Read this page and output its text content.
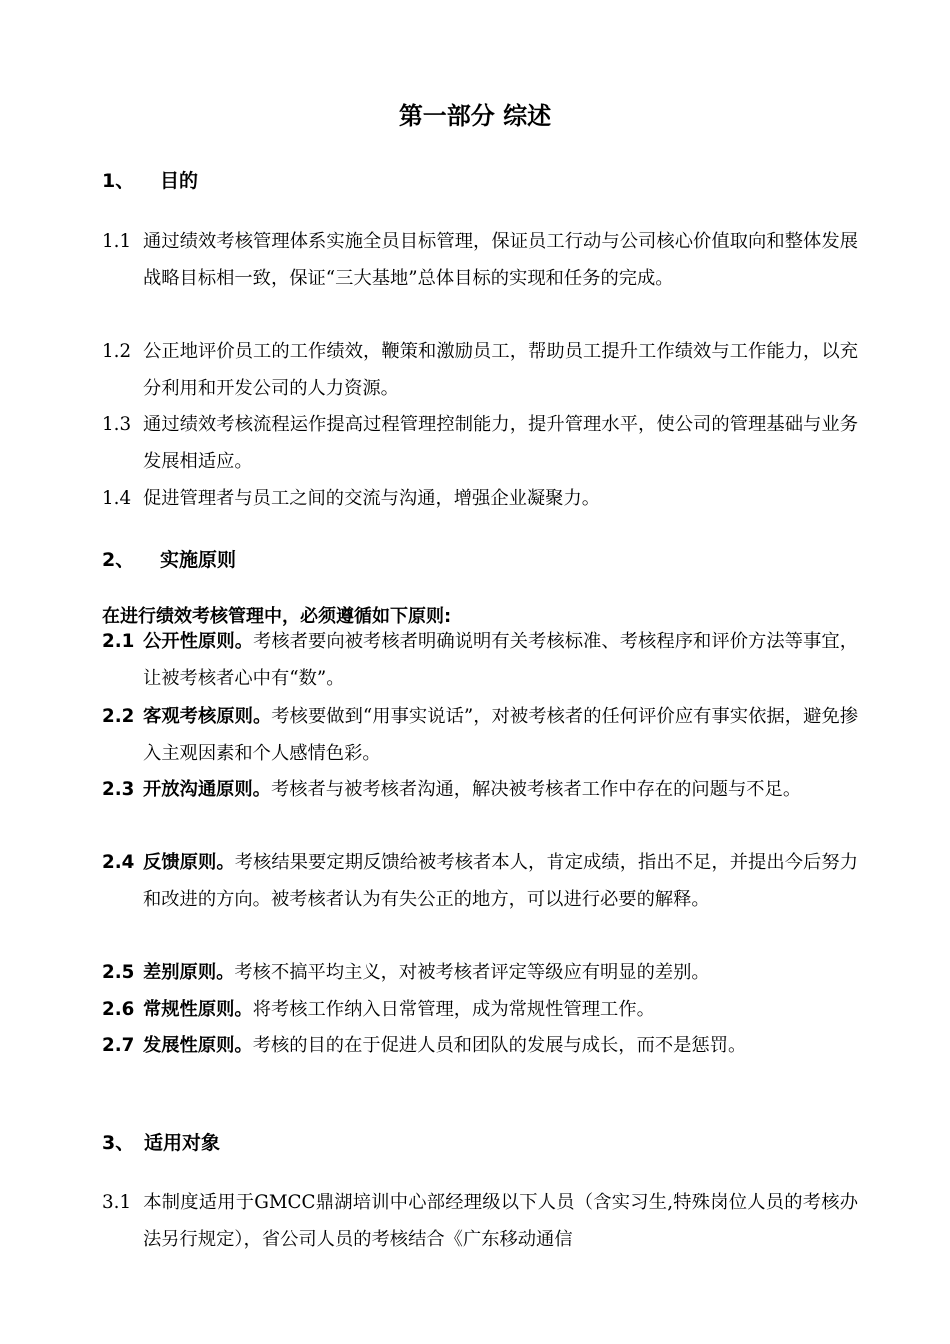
第一部分 综述
1、 目的
1.1 通过绩效考核管理体系实施全员目标管理，保证员工行动与公司核心价值取向和整体发展战略目标相一致，保证“三大基地”总体目标的实现和任务的完成。
1.2 公正地评价员工的工作绩效，鞭策和激励员工，帮助员工提升工作绩效与工作能力，以充分利用和开发公司的人力资源。
1.3 通过绩效考核流程运作提高过程管理控制能力，提升管理水平，使公司的管理基础与业务发展相适应。
1.4 促进管理者与员工之间的交流与沟通，增强企业凝聚力。
2、 实施原则
在进行绩效考核管理中，必须遵循如下原则:
2.1 公开性原则。考核者要向被考核者明确说明有关考核标准、考核程序和评价方法等事宜，让被考核者心中有“数”。
2.2 客观考核原则。考核要做到“用事实说话”，对被考核者的任何评价应有事实依据，避免掺入主观因素和个人感情色彩。
2.3 开放沟通原则。考核者与被考核者沟通，解决被考核者工作中存在的问题与不足。
2.4 反馈原则。考核结果要定期反馈给被考核者本人，肯定成绩，指出不足，并提出今后努力和改进的方向。被考核者认为有失公正的地方，可以进行必要的解释。
2.5 差别原则。考核不搞平均主义，对被考核者评定等级应有明显的差别。
2.6 常规性原则。将考核工作纳入日常管理，成为常规性管理工作。
2.7 发展性原则。考核的目的在于促进人员和团队的发展与成长，而不是惩罚。
3、 适用对象
3.1 本制度适用于GMCC鼎湖培训中心部经理级以下人员（含实习生,特殊岗位人员的考核办法另行规定），省公司人员的考核结合《广东移动通信
